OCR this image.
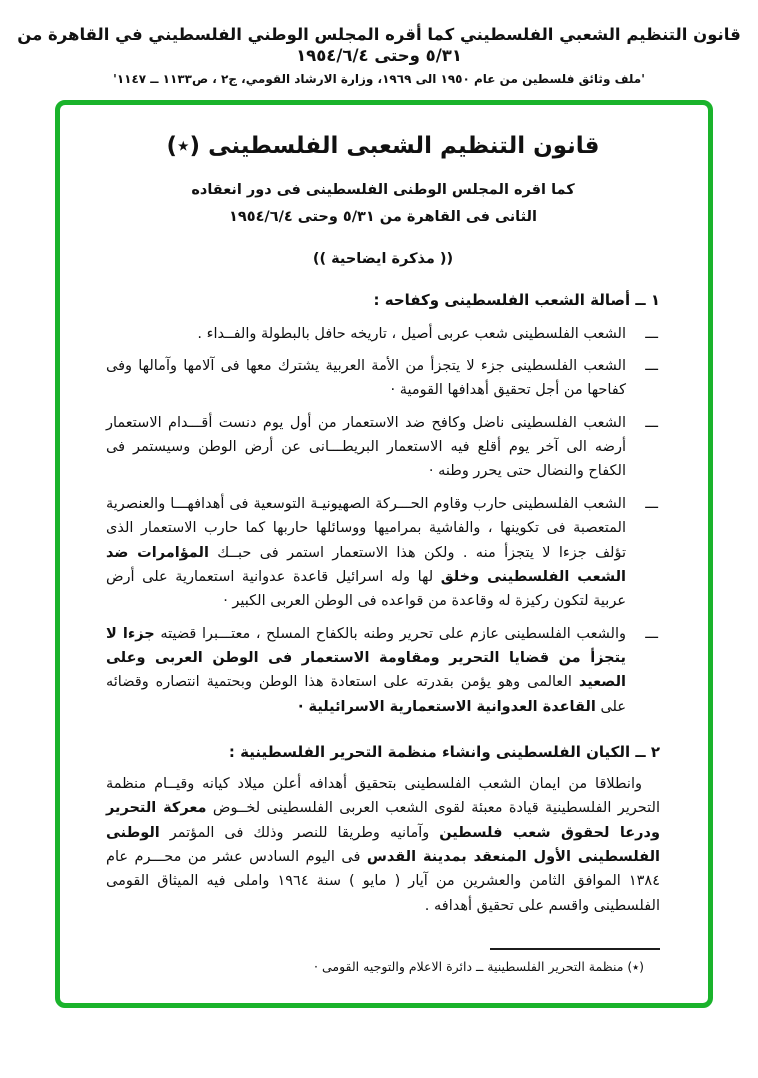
قانون التنظيم الشعبي الفلسطيني كما أقره المجلس الوطني الفلسطيني في القاهرة من ٥/٣١ وحتى ١٩٥٤/٦/٤
'ملف وثائق فلسطين من عام ١٩٥٠ الى ١٩٦٩، وزارة الارشاد القومي، ج٢ ، ص١١٣٣ ــ ١١٤٧'
قانون التنظيم الشعبى الفلسطينى (٭)
كما اقره المجلس الوطنى الفلسطينى فى دور انعقاده
الثانى فى القاهرة من ٥/٣١ وحتى ١٩٥٤/٦/٤
(( مذكرة ايضاحية ))
١ ــ أصالة الشعب الفلسطينى وكفاحه :
ـــ
الشعب الفلسطينى شعب عربى أصيل ، تاريخه حافل بالبطولة والفــداء .
ـــ
الشعب الفلسطينى جزء لا يتجزأ من الأمة العربية يشترك معها فى آلامها وآمالها وفى كفاحها من أجل تحقيق أهدافها القومية ·
ـــ
الشعب الفلسطينى ناضل وكافح ضد الاستعمار من أول يوم دنست أقـــدام الاستعمار أرضه الى آخر يوم أقلع فيه الاستعمار البريطـــانى عن أرض الوطن وسيستمر فى الكفاح والنضال حتى يحرر وطنه ·
ـــ
الشعب الفلسطينى حارب وقاوم الحـــركة الصهيونيـة التوسعية فى أهدافهـــا والعنصرية المتعصبة فى تكوينها ، والفاشية بمراميها ووسائلها حاربها كما حارب الاستعمار الذى تؤلف جزءا لا يتجزأ منه . ولكن هذا الاستعمار استمر فى حبــك المؤامرات ضد الشعب الفلسطينى وخلق لها وله اسرائيل قاعدة عدوانية استعمارية على أرض عربية لتكون ركيزة له وقاعدة من قواعده فى الوطن العربى الكبير ·
ـــ
والشعب الفلسطينى عازم على تحرير وطنه بالكفاح المسلح ، معتـــبرا قضيته جزءا لا يتجزأ من قضايا التحرير ومقاومة الاستعمار فى الوطن العربى وعلى الصعيد العالمى وهو يؤمن بقدرته على استعادة هذا الوطن وبحتمية انتصاره وقضائه على القاعدة العدوانية الاستعمارية الاسرائيلية ·
٢ ــ الكيان الفلسطينى وانشاء منظمة التحرير الفلسطينية :
وانطلاقا من ايمان الشعب الفلسطينى بتحقيق أهدافه أعلن ميلاد كيانه وقيــام منظمة التحرير الفلسطينية قيادة معبئة لقوى الشعب العربى الفلسطينى لخــوض معركة التحرير ودرعا لحقوق شعب فلسطين وآمانيه وطريقا للنصر وذلك فى المؤتمر الوطنى الفلسطينى الأول المنعقد بمدينة القدس فى اليوم السادس عشر من محـــرم عام ١٣٨٤ الموافق الثامن والعشرين من آيار ( مايو ) سنة ١٩٦٤ واملى فيه الميثاق القومى الفلسطينى واقسم على تحقيق أهدافه .
(٭) منظمة التحرير الفلسطينية ــ دائرة الاعلام والتوجيه القومى ·
